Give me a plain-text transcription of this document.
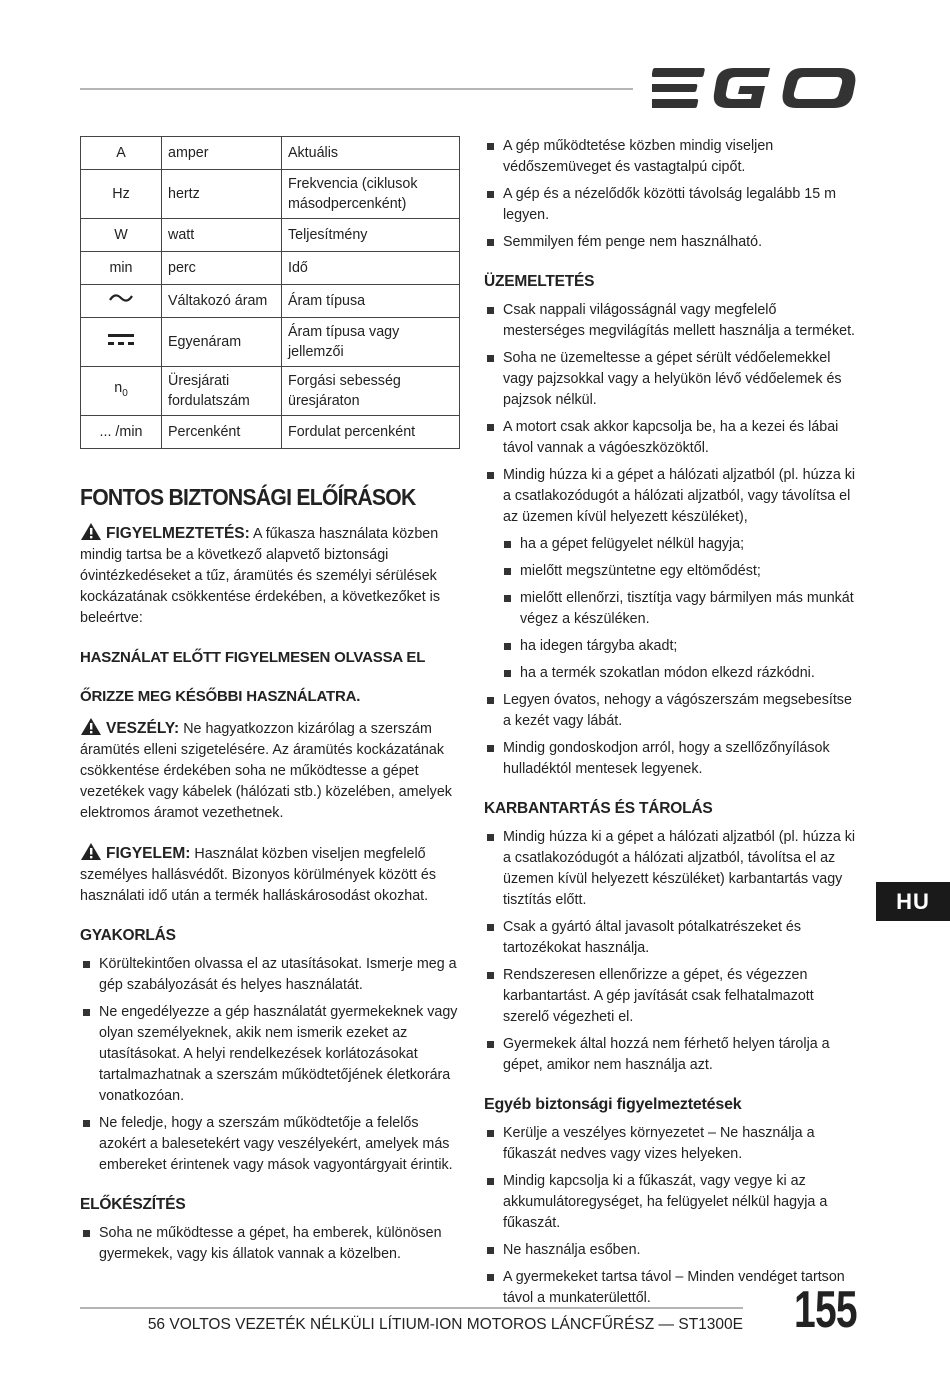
A	amper	Aktuális
Hz	hertz	Frekvencia (ciklusok másodpercenként)
W	watt	Teljesítmény
min	perc	Idő
	Váltakozó áram	Áram típusa
	Egyenáram	Áram típusa vagy jellemzői
$n_0$	Üresjárati fordulatszám	Forgási sebesség üresjáraton
... /min	Percenként	Fordulat percenként
FONTOS BIZTONSÁGI ELŐÍRÁSOK

FIGYELMEZTETÉS: A fűkasza használata közben mindig tartsa be a következő alapvető biztonsági óvintézkedéseket a tűz, áramütés és személyi sérülések kockázatának csökkentése érdekében, a következőket is beleértve:

HASZNÁLAT ELŐTT FIGYELMESEN OLVASSA EL
ŐRIZZE MEG KÉSŐBBI HASZNÁLATRA.

VESZÉLY: Ne hagyatkozzon kizárólag a szerszám áramütés elleni szigetelésére. Az áramütés kockázatának csökkentése érdekében soha ne működtesse a gépet vezetékek vagy kábelek (hálózati stb.) közelében, amelyek elektromos áramot vezethetnek.

FIGYELEM: Használat közben viseljen megfelelő személyes hallásvédőt. Bizonyos körülmények között és használati idő után a termék halláskárosodást okozhat.

GYAKORLÁS
Körültekintően olvassa el az utasításokat. Ismerje meg a gép szabályozását és helyes használatát.
Ne engedélyezze a gép használatát gyermekeknek vagy olyan személyeknek, akik nem ismerik ezeket az utasításokat. A helyi rendelkezések korlátozásokat tartalmazhatnak a szerszám működtetőjének életkorára vonatkozóan.
Ne feledje, hogy a szerszám működtetője a felelős azokért a balesetekért vagy veszélyekért, amelyek más embereket érintenek vagy mások vagyontárgyait érintik.
ELŐKÉSZÍTÉS
Soha ne működtesse a gépet, ha emberek, különösen gyermekek, vagy kis állatok vannak a közelben.
A gép működtetése közben mindig viseljen védőszemüveget és vastagtalpú cipőt.
A gép és a nézelődők közötti távolság legalább 15 m legyen.
Semmilyen fém penge nem használható.
ÜZEMELTETÉS
Csak nappali világosságnál vagy megfelelő mesterséges megvilágítás mellett használja a terméket.
Soha ne üzemeltesse a gépet sérült védőelemekkel vagy pajzsokkal vagy a helyükön lévő védőelemek és pajzsok nélkül.
A motort csak akkor kapcsolja be, ha a kezei és lábai távol vannak a vágóeszközöktől.
Mindig húzza ki a gépet a hálózati aljzatból (pl. húzza ki a csatlakozódugót a hálózati aljzatból, vagy távolítsa el az üzemen kívül helyezett készüléket),
ha a gépet felügyelet nélkül hagyja;
mielőtt megszüntetne egy eltömődést;
mielőtt ellenőrzi, tisztítja vagy bármilyen más munkát végez a készüléken.
ha idegen tárgyba akadt;
ha a termék szokatlan módon elkezd rázkódni.
Legyen óvatos, nehogy a vágószerszám megsebesítse a kezét vagy lábát.
Mindig gondoskodjon arról, hogy a szellőzőnyílások hulladéktól mentesek legyenek.
KARBANTARTÁS ÉS TÁROLÁS
Mindig húzza ki a gépet a hálózati aljzatból (pl. húzza ki a csatlakozódugót a hálózati aljzatból, távolítsa el az üzemen kívül helyezett készüléket) karbantartás vagy tisztítás előtt.
Csak a gyártó által javasolt pótalkatrészeket és tartozékokat használja.
Rendszeresen ellenőrizze a gépet, és végezzen karbantartást. A gép javítását csak felhatalmazott szerelő végezheti el.
Gyermekek által hozzá nem férhető helyen tárolja a gépet, amikor nem használja azt.
Egyéb biztonsági figyelmeztetések
Kerülje a veszélyes környezetet – Ne használja a fűkaszát nedves vagy vizes helyeken.
Mindig kapcsolja ki a fűkaszát, vagy vegye ki az akkumulátoregységet, ha felügyelet nélkül hagyja a fűkaszát.
Ne használja esőben.
A gyermekeket tartsa távol – Minden vendéget tartson távol a munkaterülettől.
HU
56 VOLTOS VEZETÉK NÉLKÜLI LÍTIUM-ION MOTOROS LÁNCFŰRÉSZ — ST1300E 155
